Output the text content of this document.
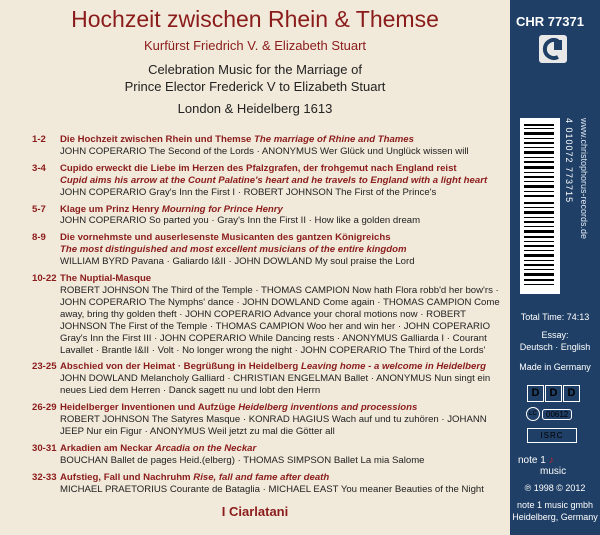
Hochzeit zwischen Rhein & Themse
Kurfürst Friedrich V. & Elizabeth Stuart
Celebration Music for the Marriage of
Prince Elector Frederick V to Elizabeth Stuart
London & Heidelberg 1613
1-2 Die Hochzeit zwischen Rhein und Themse The marriage of Rhine and Thames
JOHN COPERARIO The Second of the Lords · ANONYMUS Wer Glück und Unglück wissen will
3-4 Cupido erweckt die Liebe im Herzen des Pfalzgrafen, der frohgemut nach England reist
Cupid aims his arrow at the Count Palatine's heart and he travels to England with a light heart
JOHN COPERARIO Gray's Inn the First I · ROBERT JOHNSON The First of the Prince's
5-7 Klage um Prinz Henry Mourning for Prince Henry
JOHN COPERARIO So parted you · Gray's Inn the First II · How like a golden dream
8-9 Die vornehmste und auserlesenste Musicanten des gantzen Königreichs
The most distinguished and most excellent musicians of the entire kingdom
WILLIAM BYRD Pavana · Galiardo I&II · JOHN DOWLAND My soul praise the Lord
10-22 The Nuptial-Masque
ROBERT JOHNSON The Third of the Temple · THOMAS CAMPION Now hath Flora robb'd her bow'rs · JOHN COPERARIO The Nymphs' dance · JOHN DOWLAND Come again · THOMAS CAMPION Come away, bring thy golden theft · JOHN COPERARIO Advance your choral motions now · ROBERT JOHNSON The First of the Temple · THOMAS CAMPION Woo her and win her · JOHN COPERARIO Gray's Inn the First III · JOHN COPERARIO While Dancing rests · ANONYMUS Galliarda I · Courant Lavallet · Brantle I&II · Volt · No longer wrong the night · JOHN COPERARIO The Third of the Lords'
23-25 Abschied von der Heimat · Begrüßung in Heidelberg Leaving home - a welcome in Heidelberg
JOHN DOWLAND Melancholy Galliard · CHRISTIAN ENGELMAN Ballet · ANONYMUS Nun singt ein neues Lied dem Herren · Danck sagett nu und lobt den Herrn
26-29 Heidelberger Inventionen und Aufzüge Heidelberg inventions and processions
ROBERT JOHNSON The Satyres Masque · KONRAD HAGIUS Wach auf und tu zuhören · JOHANN JEEP Nur ein Figur · ANONYMUS Weil jetzt zu mal die Götter all
30-31 Arkadien am Neckar Arcadia on the Neckar
BOUCHAN Ballet de pages Heid.(elberg) · THOMAS SIMPSON Ballet La mia Salome
32-33 Aufstieg, Fall und Nachruhm Rise, fall and fame after death
MICHAEL PRAETORIUS Courante de Bataglia · MICHAEL EAST You meaner Beauties of the Night
I Ciarlatani
CHR 77371
4 010072 773715 www.christophorus-records.de
Total Time: 74:13
Essay:
Deutsch · English
Made in Germany
D D D
LC	00612
ISRC
note 1 ♪
music
℗ 1998 © 2012
note 1 music gmbh
Heidelberg, Germany
